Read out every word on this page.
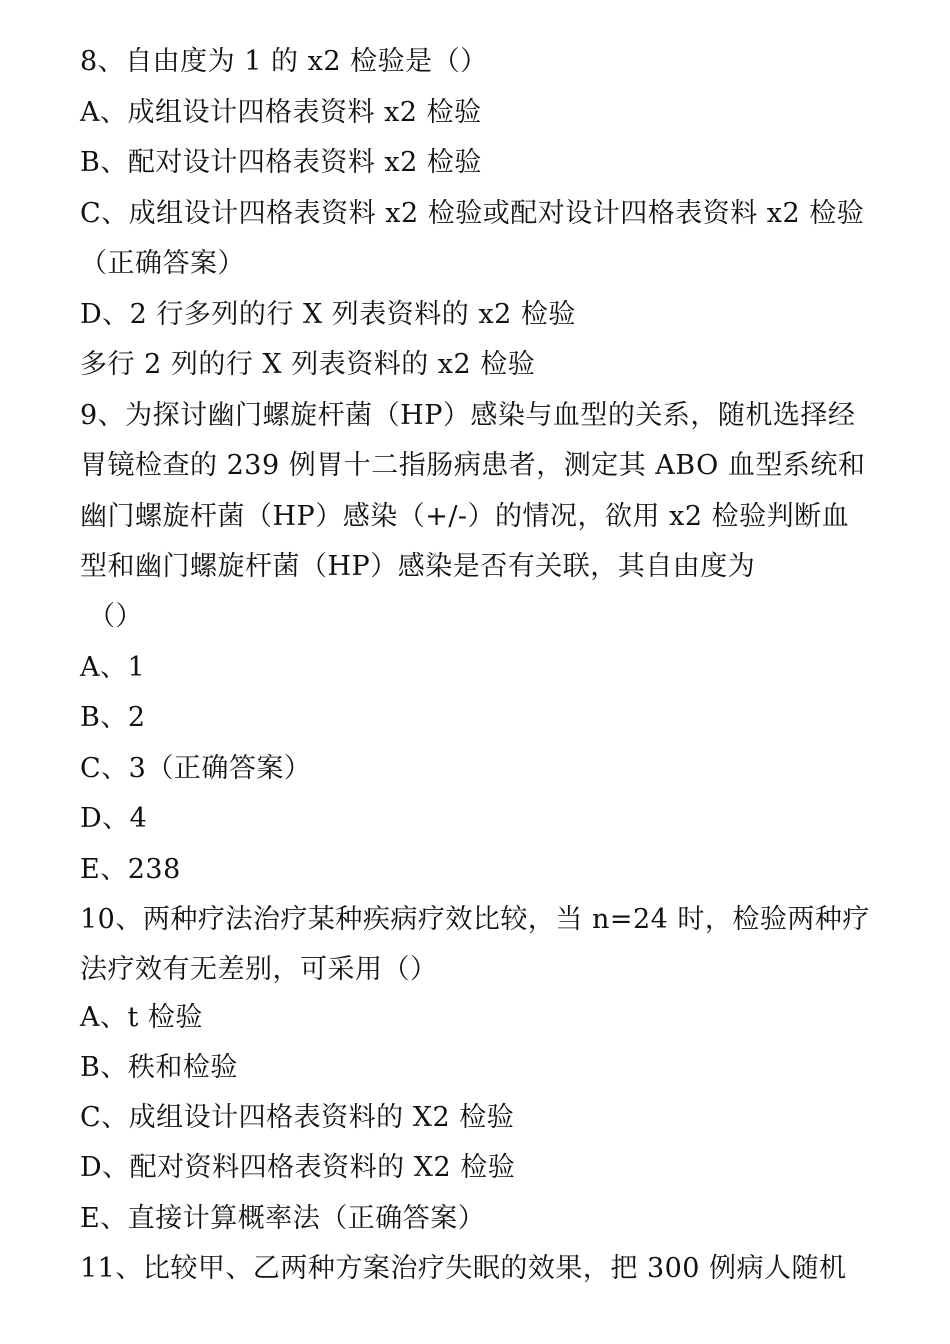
8、自由度为 1 的 x2 检验是（）
A、成组设计四格表资料 x2 检验
B、配对设计四格表资料 x2 检验
C、成组设计四格表资料 x2 检验或配对设计四格表资料 x2 检验
（正确答案）
D、2 行多列的行 X 列表资料的 x2 检验
多行 2 列的行 X 列表资料的 x2 检验
9、为探讨幽门螺旋杆菌（HP）感染与血型的关系，随机选择经
胃镜检查的 239 例胃十二指肠病患者，测定其 ABO 血型系统和
幽门螺旋杆菌（HP）感染（+/-）的情况，欲用 x2 检验判断血
型和幽门螺旋杆菌（HP）感染是否有关联，其自由度为
（）
A、1
B、2
C、3（正确答案）
D、4
E、238
10、两种疗法治疗某种疾病疗效比较，当 n=24 时，检验两种疗
法疗效有无差别，可采用（）
A、t 检验
B、秩和检验
C、成组设计四格表资料的 X2 检验
D、配对资料四格表资料的 X2 检验
E、直接计算概率法（正确答案）
11、比较甲、乙两种方案治疗失眠的效果，把 300 例病人随机
